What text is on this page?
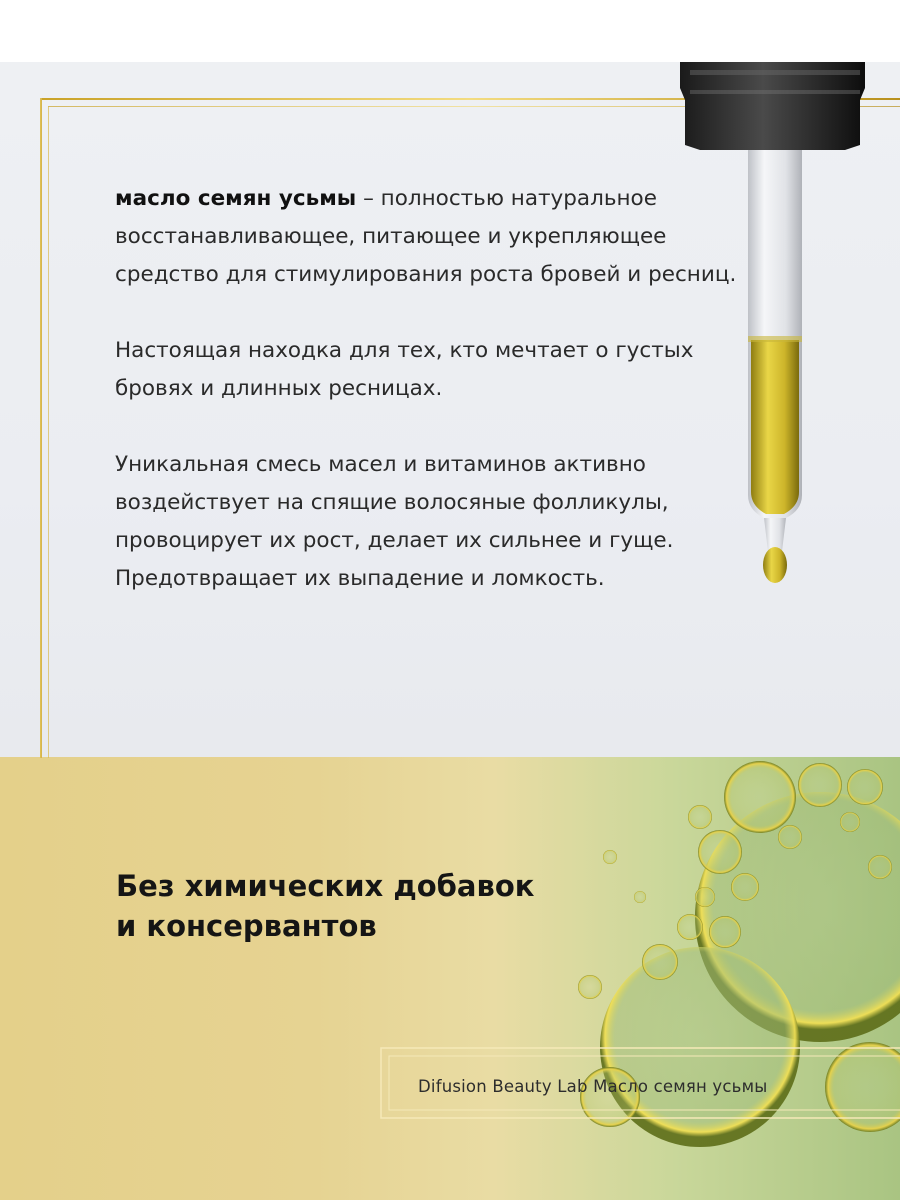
масло семян усьмы – полностью натуральное восстанавливающее, питающее и укрепляющее средство для стимулирования роста бровей и ресниц.

Настоящая находка для тех, кто мечтает о густых бровях и длинных ресницах.

Уникальная смесь масел и витаминов активно воздействует на спящие волосяные фолликулы, провоцирует их рост, делает их сильнее и гуще. Предотвращает их выпадение и ломкость.

Без химических добавок
и консервантов
Difusion Beauty Lab Масло семян усьмы
